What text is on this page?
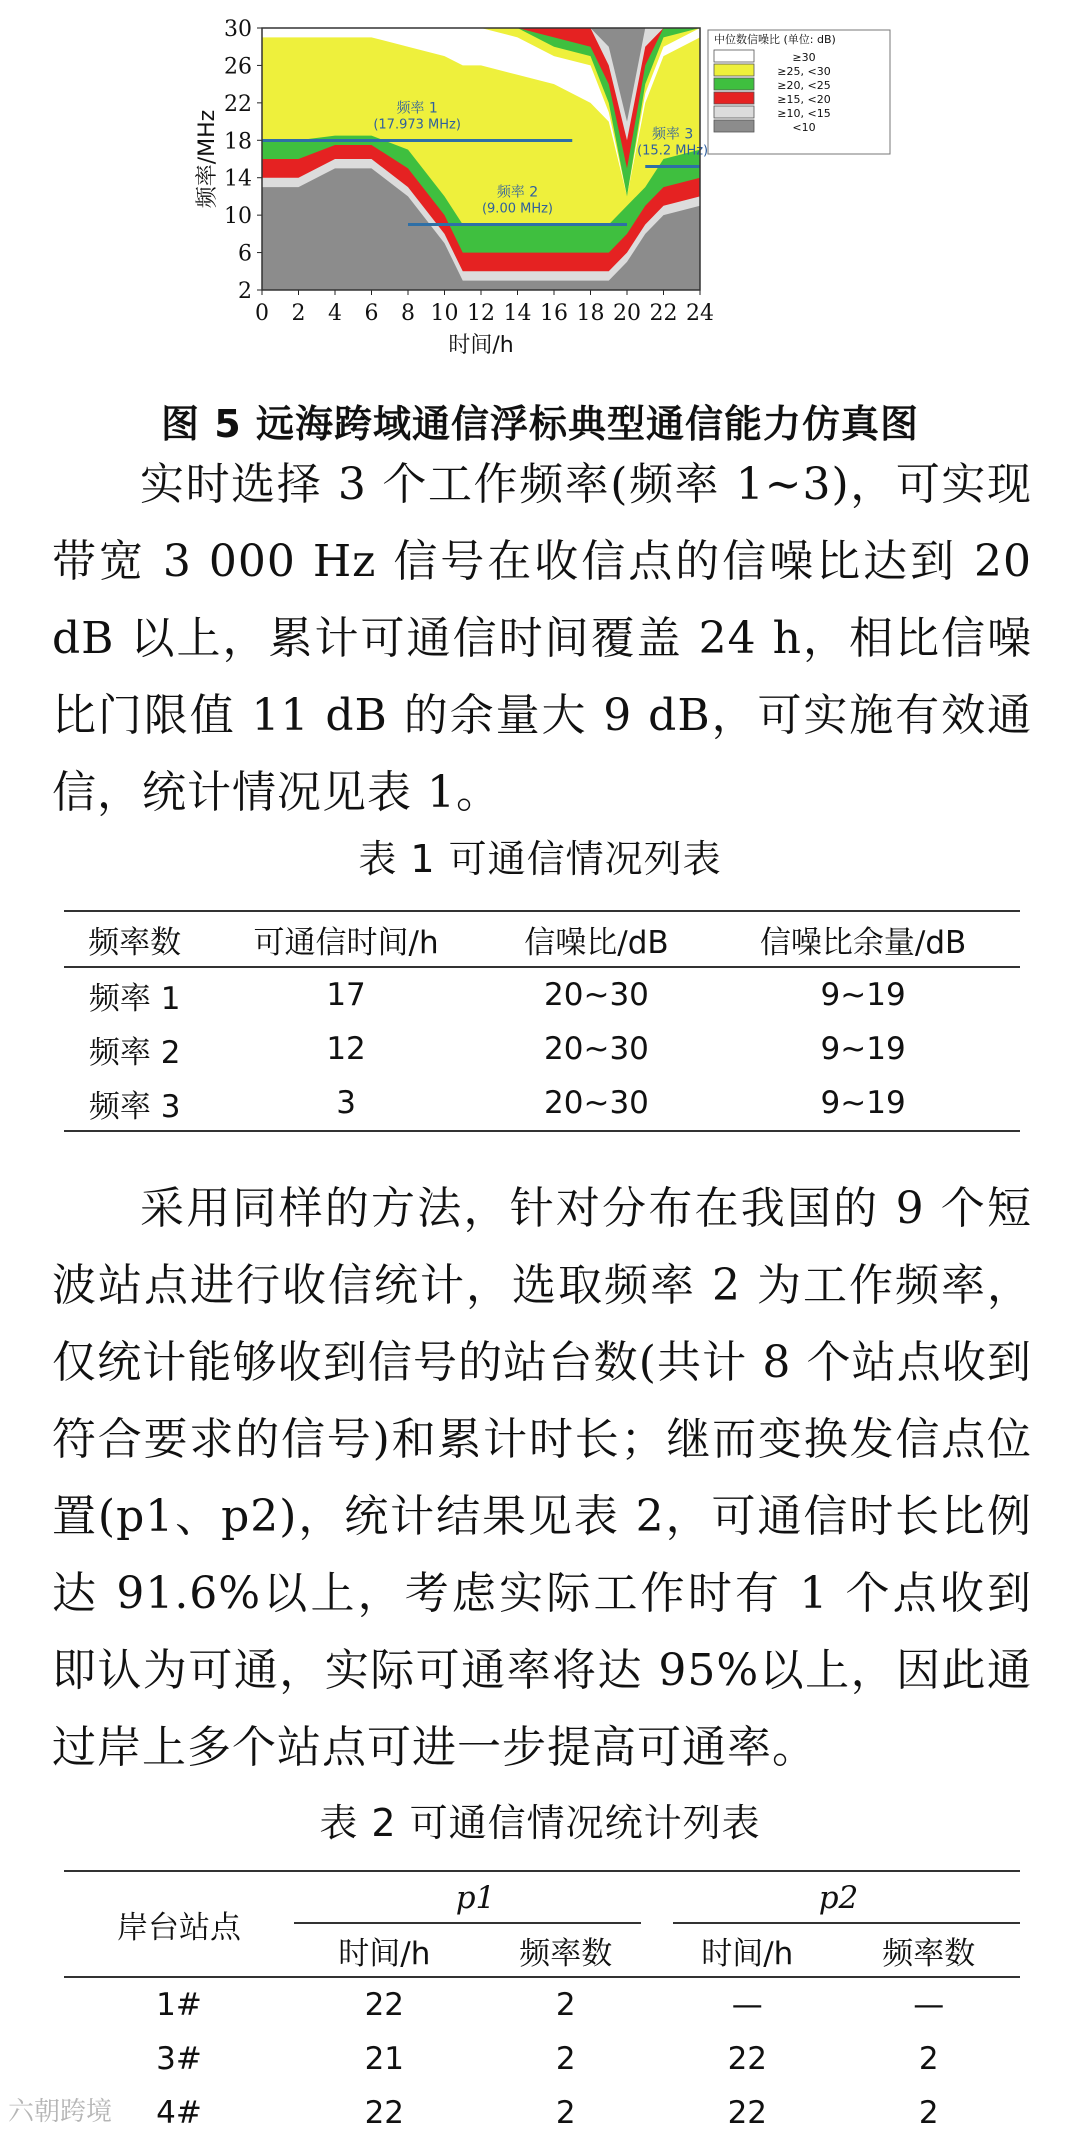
频率 1
(17.973 MHz)
频率 2
(9.00 MHz)
频率 3
(15.2 MHz)
0 2 4 6 8 10 12 14 16 18 20 22 24
2
6
10
14
18
22
26
30
时间/h
频率/MHz
中位数信噪比 (单位: dB)
≥30
≥25, <30
≥20, <25
≥15, <20
≥10, <15
<10
图 5 远海跨域通信浮标典型通信能力仿真图
实时选择 3 个工作频率(频率 1~3)，可实现带宽 3 000 Hz 信号在收信点的信噪比达到 20 dB 以上，累计可通信时间覆盖 24 h，相比信噪比门限值 11 dB 的余量大 9 dB，可实施有效通信，统计情况见表 1。
表 1 可通信情况列表
频率数	可通信时间/h	信噪比/dB	信噪比余量/dB
频率 1	17	20~30	9~19
频率 2	12	20~30	9~19
频率 3	3	20~30	9~19
采用同样的方法，针对分布在我国的 9 个短波站点进行收信统计，选取频率 2 为工作频率，仅统计能够收到信号的站台数(共计 8 个站点收到符合要求的信号)和累计时长；继而变换发信点位置(p1、p2)，统计结果见表 2，可通信时长比例达 91.6%以上，考虑实际工作时有 1 个点收到即认为可通，实际可通率将达 95%以上，因此通过岸上多个站点可进一步提高可通率。
表 2 可通信情况统计列表
岸台站点	p1		p2	

	时间/h	频率数	时间/h	频率数
1#	22	2	—	—
3#	21	2	22	2
4#	22	2	22	2
六朝跨境
